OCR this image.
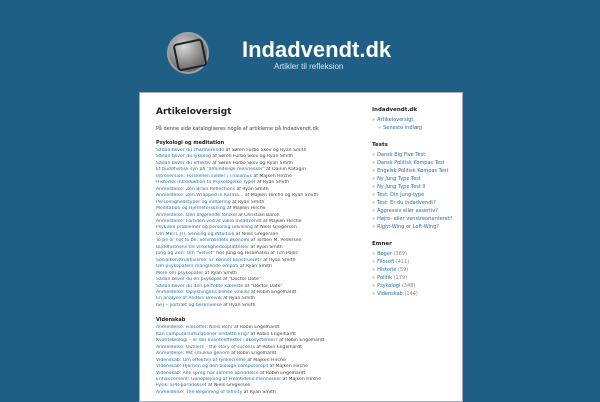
Indadvendt.dk
Artikler til refleksion
Artikeloversigt
På denne side katalogiseres nogle af artiklerne på Indadvendt.dk
Psykologi og meditation
Sådan bliver du charmerende af Søren Furbo Skov og Ryan Smith
Sådan bliver du lykkelig af Søren Furbo Skov og Ryan Smith
Sådan bliver du effektiv af Søren Furbo Skov og Ryan Smith
Et buddhistisk syn på "almindelige mennesker" af Dainin Katagiri
Introversion: Forskellen sidder i Thalamus af Majken Hirche
Historisk introduktion til Psykologiske Typer af Ryan Smith
Anmeldelse: Zen Brain Reflections af Ryan Smith
Anmeldelse: Zen Wrapped in Karma… af Majken Hirche og Ryan Smith
Personlighedstyper og indlæring af Ryan Smith
Meditation og Hjerneforskning af Majken Hirche
Anmeldelse: Den afgørende forskel af Christian Baron
Anmeldelse: Fortiden ved at være indadvendt af Majken Hirche
Psykiske problemer og personlig udvikling af Niels Gregersen
Om MBTI, JTI, Sensing og iNtuitive af Niels Gregersen
To be or not to be: Selvmordets økonomi af Torben M. Pedersen
Buddhismens tre virkelighedsopfattelser af Ryan Smith
Jung og Zen: Om "Selvet" hos Jung og Hisamatsu af Tim Pallis
Socialkonstruktivisme: Er kønnet konstrueret? af Ryan Smith
Om psykopaters manglende empati af Ryan Smith
Mere om psykopater af Ryan Smith
Sådan bliver du en psykopat af "Doctor Date"
Sådan bliver du den perfekte kæreste af "Doctor Date"
Anmeldelse: Oplysningens blinde vinkler af Robin Engelhardt
En analyse af Anders Breivik af Ryan Smith
ISFJ – portræt og beskrivelse af Ryan Smith
Videnskab
Anmeldelse: Filosoffen Niels Bohr af Robin Engelhardt
Kan computersimulationer erstatte krig? af Robin Engelhardt
Kvantebiologi – er der kvanteeffekter i økosystemer? af Robin Engelhardt
Anmeldelse: Outliers – the story of success af Robin Engelhardt
Anmeldelse: Mit smukke genom af Robin Engelhardt
Videnskab: Om effekten af rynkecreme af Majken Hirche
Videnskab: Hjernen og den biologe computeropil af Majken Hirche
Videnskab: Alle spreg har samme oprindelse af Robin Engelhardt
Enhancement: Genoplejning af Fremtidens mennesker af Majken Hirche
Fysik: EPR-paradokset af Niels Gregersen
Anmeldelse: The Beginning of Infinity af Ryan Smith
Indadvendt.dk
» Artikeloversigt
» Seneste indlæg
Tests
» Dansk Big Five Test
» Dansk Politisk Kompas Test
» Engelsk Politisk Kompas Test
» Ny Jung Type Test
» Ny Jung Type Test II
» Test: Din Jung-type
» Test: Er du indadvendt?
» Aggressiv eller assertiv?
» Højre- eller venstreorienteret?
» Right-Wing or Left-Wing?
Emner
» Bøger (389)
» Filosofi (411)
» Historie (59)
» Politik (179)
» Psykologi (348)
» Videnskab (144)
